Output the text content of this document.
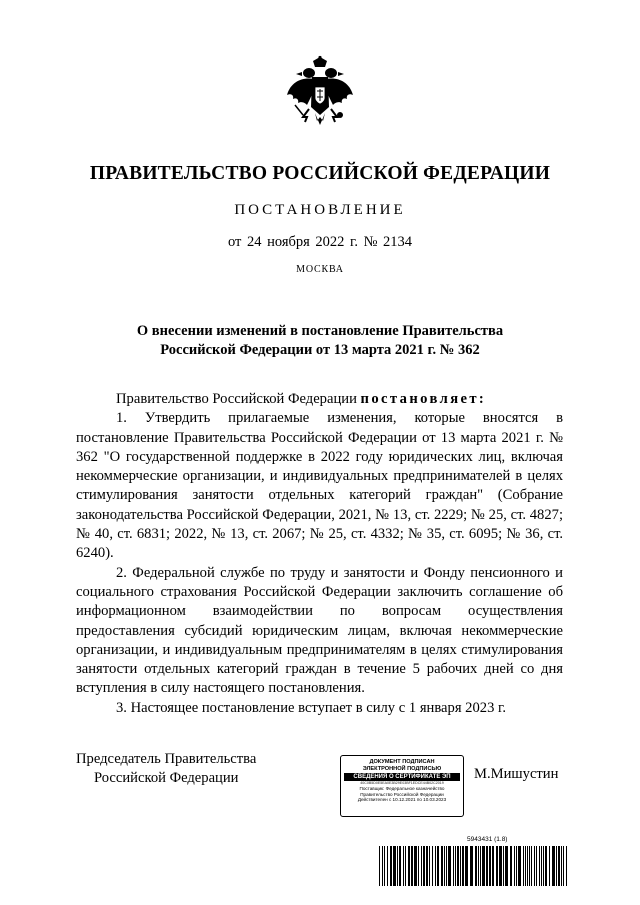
ПРАВИТЕЛЬСТВО РОССИЙСКОЙ ФЕДЕРАЦИИ
ПОСТАНОВЛЕНИЕ
от 24 ноября 2022 г. № 2134
МОСКВА
О внесении изменений в постановление Правительства
Российской Федерации от 13 марта 2021 г. № 362

Правительство Российской Федерации постановляет:

1. Утвердить прилагаемые изменения, которые вносятся в постановление Правительства Российской Федерации от 13 марта 2021 г. № 362 "О государственной поддержке в 2022 году юридических лиц, включая некоммерческие организации, и индивидуальных предпринимателей в целях стимулирования занятости отдельных категорий граждан" (Собрание законодательства Российской Федерации, 2021, № 13, ст. 2229; № 25, ст. 4827; № 40, ст. 6831; 2022, № 13, ст. 2067; № 25, ст. 4332; № 35, ст. 6095; № 36, ст. 6240).

2. Федеральной службе по труду и занятости и Фонду пенсионного и социального страхования Российской Федерации заключить соглашение об информационном взаимодействии по вопросам осуществления предоставления субсидий юридическим лицам, включая некоммерческие организации, и индивидуальным предпринимателям в целях стимулирования занятости отдельных категорий граждан в течение 5 рабочих дней со дня вступления в силу настоящего постановления.

3. Настоящее постановление вступает в силу с 1 января 2023 г.

Председатель Правительства
Российской Федерации
ДОКУМЕНТ ПОДПИСАН
ЭЛЕКТРОННОЙ ПОДПИСЬЮ
СВЕДЕНИЯ О СЕРТИФИКАТЕ ЭП
40C0B5D0E5EA0E3B29E03BF1EDCE44B02C2019
Поставщик: Федеральное казначейство
Правительство Российской Федерации
Действителен с 10.12.2021 по 10.03.2023
М.Мишустин
5943431 (1.8)
